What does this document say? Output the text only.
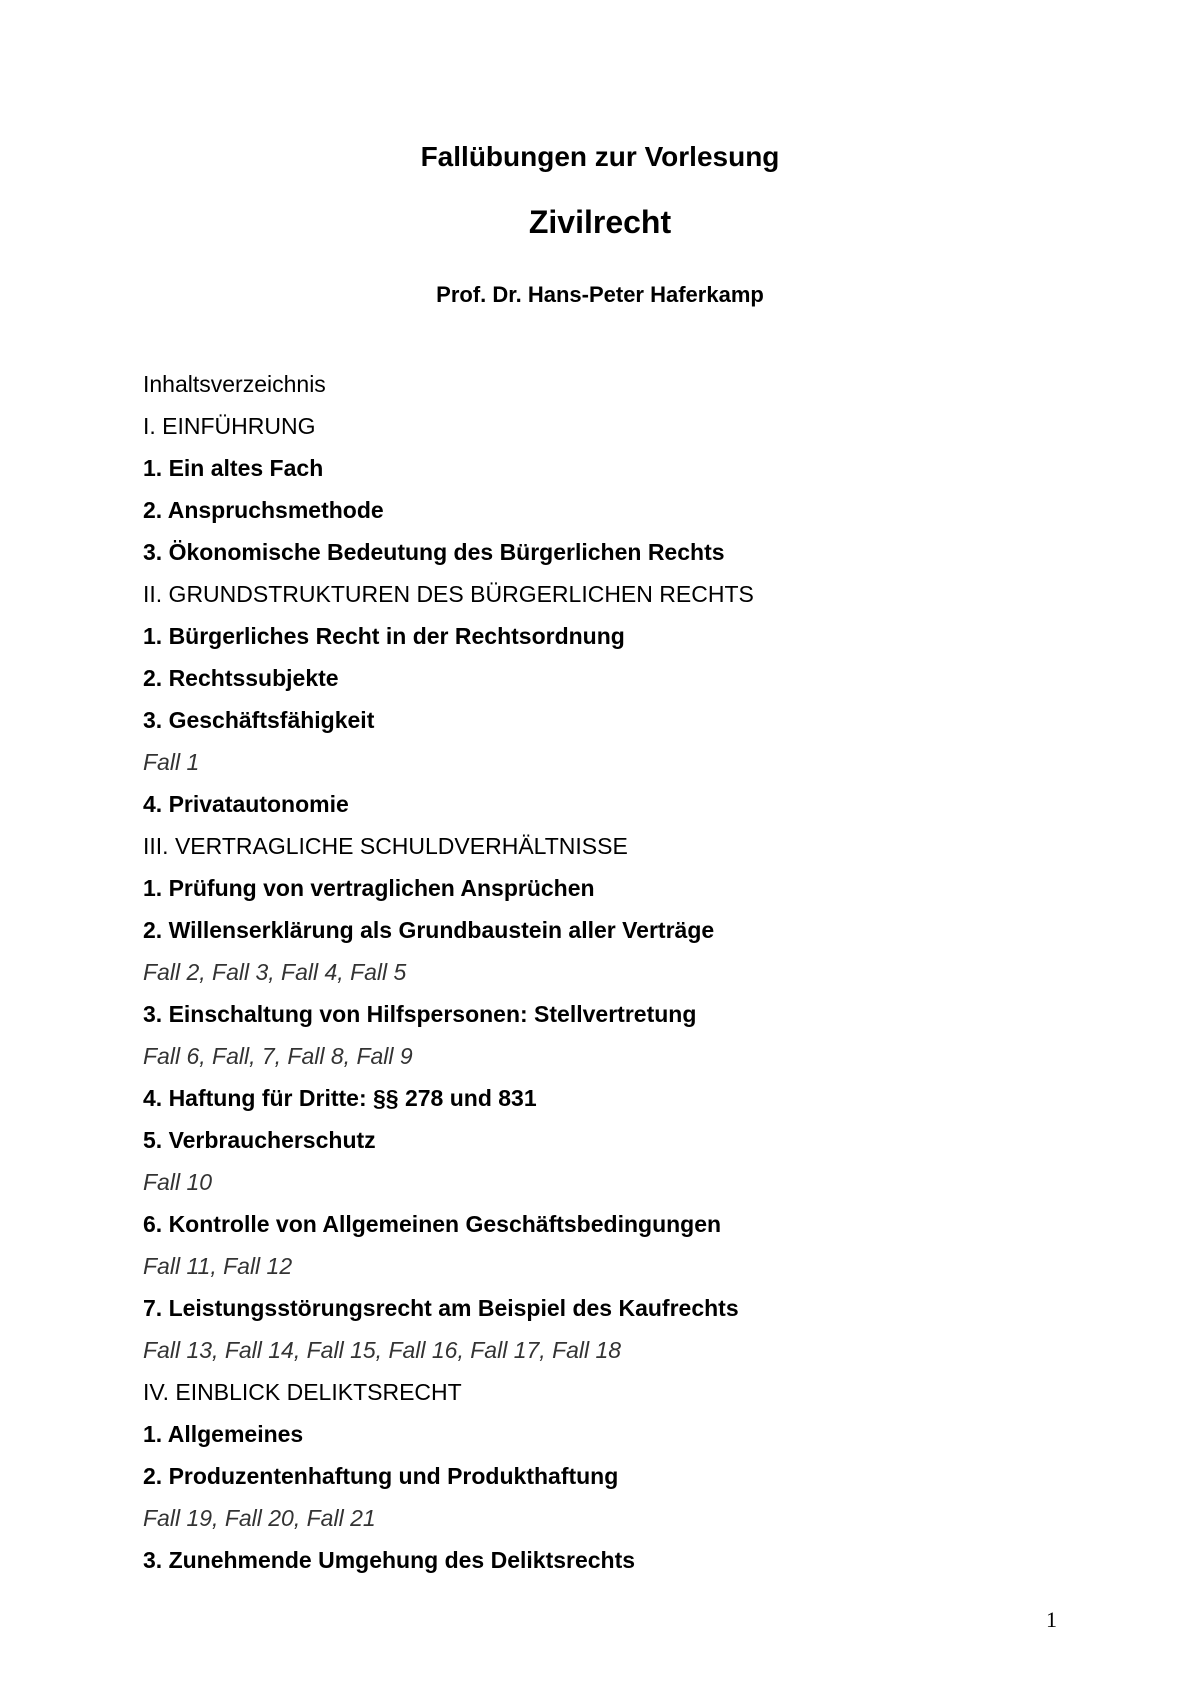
Fallübungen zur Vorlesung
Zivilrecht
Prof. Dr. Hans-Peter Haferkamp
Inhaltsverzeichnis
I. EINFÜHRUNG
1. Ein altes Fach
2. Anspruchsmethode
3. Ökonomische Bedeutung des Bürgerlichen Rechts
II. GRUNDSTRUKTUREN DES BÜRGERLICHEN RECHTS
1. Bürgerliches Recht in der Rechtsordnung
2. Rechtssubjekte
3. Geschäftsfähigkeit
Fall 1
4. Privatautonomie
III. VERTRAGLICHE SCHULDVERHÄLTNISSE
1. Prüfung von vertraglichen Ansprüchen
2. Willenserklärung als Grundbaustein aller Verträge
Fall 2, Fall 3, Fall 4, Fall 5
3. Einschaltung von Hilfspersonen: Stellvertretung
Fall 6, Fall, 7, Fall 8, Fall 9
4. Haftung für Dritte: §§ 278 und 831
5. Verbraucherschutz
Fall 10
6. Kontrolle von Allgemeinen Geschäftsbedingungen
Fall 11, Fall 12
7. Leistungsstörungsrecht am Beispiel des Kaufrechts
Fall 13, Fall 14, Fall 15, Fall 16, Fall 17, Fall 18
IV. EINBLICK DELIKTSRECHT
1. Allgemeines
2. Produzentenhaftung und Produkthaftung
Fall 19, Fall 20, Fall 21
3. Zunehmende Umgehung des Deliktsrechts
1
